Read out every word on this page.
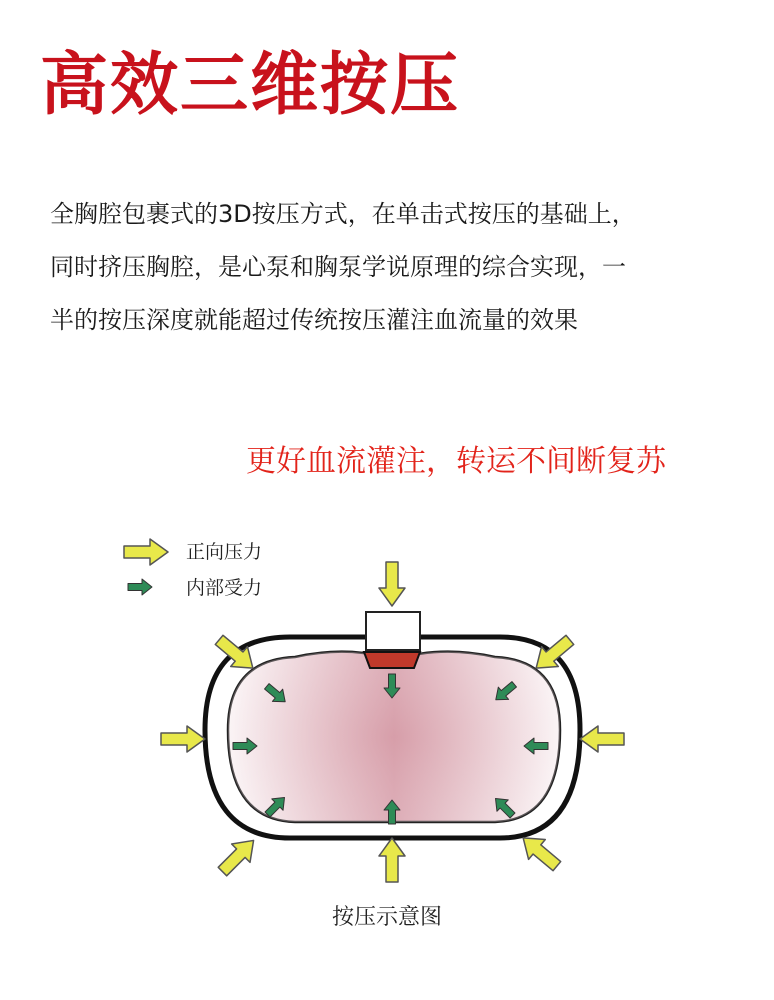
高效三维按压
全胸腔包裹式的3D按压方式，在单击式按压的基础上，
同时挤压胸腔，是心泵和胸泵学说原理的综合实现，一
半的按压深度就能超过传统按压灌注血流量的效果
更好血流灌注，转运不间断复苏
正向压力
内部受力
按压示意图
